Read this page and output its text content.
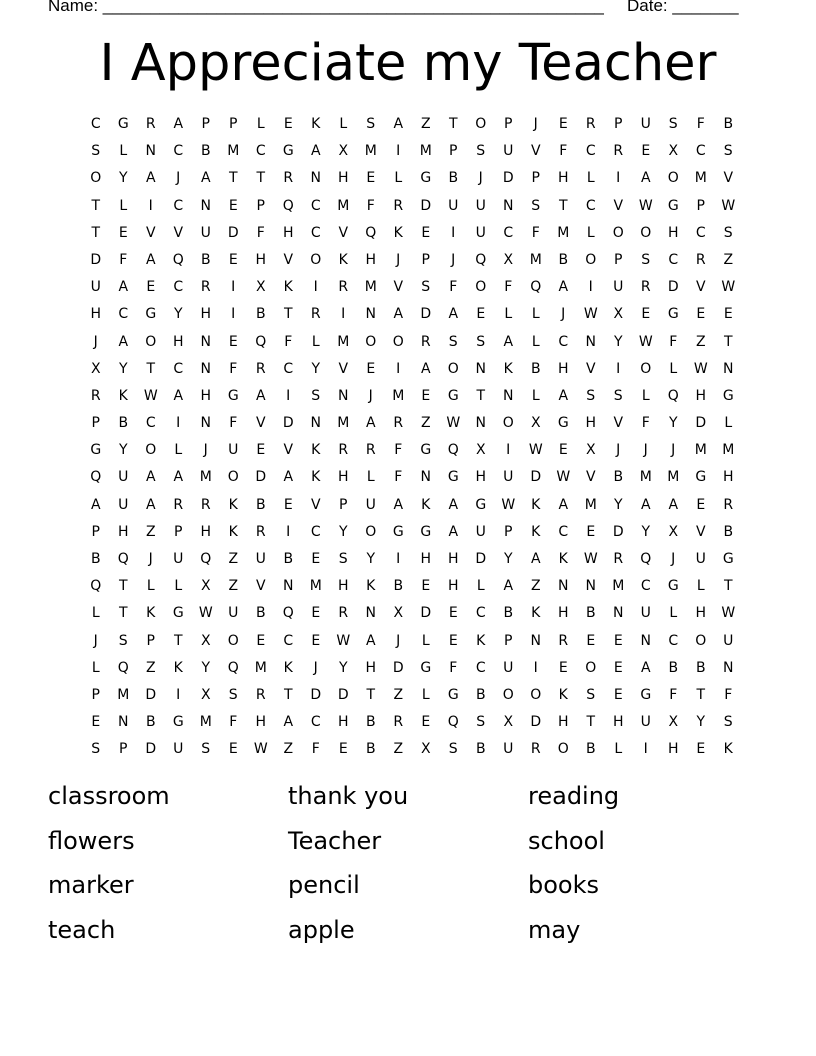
Name: _____________________________________________________ Date: _______
I Appreciate my Teacher
C	G	R	A	P	P	L	E	K	L	S	A	Z	T	O	P	J	E	R	P	U	S	F	B
S	L	N	C	B	M	C	G	A	X	M	I	M	P	S	U	V	F	C	R	E	X	C	S
O	Y	A	J	A	T	T	R	N	H	E	L	G	B	J	D	P	H	L	I	A	O	M	V
T	L	I	C	N	E	P	Q	C	M	F	R	D	U	U	N	S	T	C	V	W	G	P	W
T	E	V	V	U	D	F	H	C	V	Q	K	E	I	U	C	F	M	L	O	O	H	C	S
D	F	A	Q	B	E	H	V	O	K	H	J	P	J	Q	X	M	B	O	P	S	C	R	Z
U	A	E	C	R	I	X	K	I	R	M	V	S	F	O	F	Q	A	I	U	R	D	V	W
H	C	G	Y	H	I	B	T	R	I	N	A	D	A	E	L	L	J	W	X	E	G	E	E
J	A	O	H	N	E	Q	F	L	M	O	O	R	S	S	A	L	C	N	Y	W	F	Z	T
X	Y	T	C	N	F	R	C	Y	V	E	I	A	O	N	K	B	H	V	I	O	L	W	N
R	K	W	A	H	G	A	I	S	N	J	M	E	G	T	N	L	A	S	S	L	Q	H	G
P	B	C	I	N	F	V	D	N	M	A	R	Z	W	N	O	X	G	H	V	F	Y	D	L
G	Y	O	L	J	U	E	V	K	R	R	F	G	Q	X	I	W	E	X	J	J	J	M	M
Q	U	A	A	M	O	D	A	K	H	L	F	N	G	H	U	D	W	V	B	M	M	G	H
A	U	A	R	R	K	B	E	V	P	U	A	K	A	G	W	K	A	M	Y	A	A	E	R
P	H	Z	P	H	K	R	I	C	Y	O	G	G	A	U	P	K	C	E	D	Y	X	V	B
B	Q	J	U	Q	Z	U	B	E	S	Y	I	H	H	D	Y	A	K	W	R	Q	J	U	G
Q	T	L	L	X	Z	V	N	M	H	K	B	E	H	L	A	Z	N	N	M	C	G	L	T
L	T	K	G	W	U	B	Q	E	R	N	X	D	E	C	B	K	H	B	N	U	L	H	W
J	S	P	T	X	O	E	C	E	W	A	J	L	E	K	P	N	R	E	E	N	C	O	U
L	Q	Z	K	Y	Q	M	K	J	Y	H	D	G	F	C	U	I	E	O	E	A	B	B	N
P	M	D	I	X	S	R	T	D	D	T	Z	L	G	B	O	O	K	S	E	G	F	T	F
E	N	B	G	M	F	H	A	C	H	B	R	E	Q	S	X	D	H	T	H	U	X	Y	S
S	P	D	U	S	E	W	Z	F	E	B	Z	X	S	B	U	R	O	B	L	I	H	E	K
classroom	thank you	reading
flowers	Teacher	school
marker	pencil	books
teach	apple	may
